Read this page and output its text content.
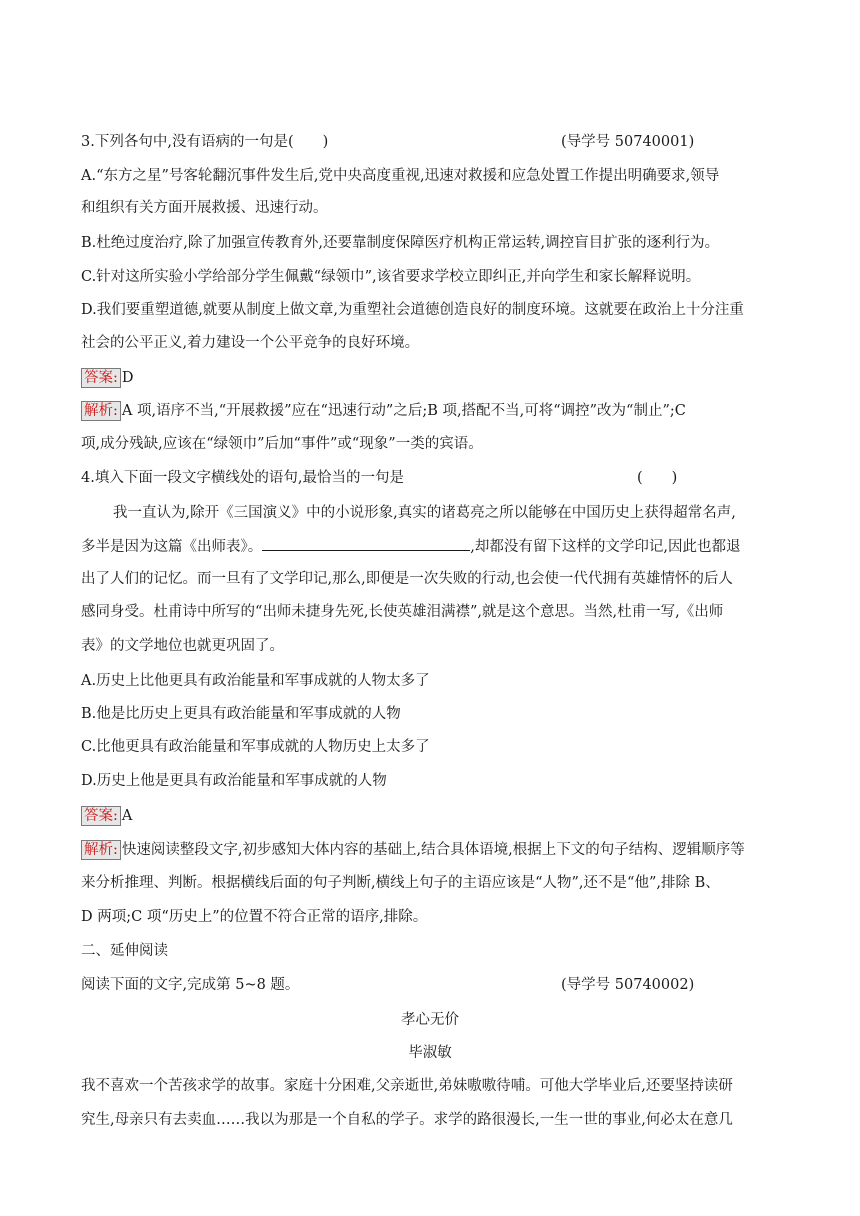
3.下列各句中,没有语病的一句是(　　)	(导学号 50740001)
A.“东方之星”号客轮翻沉事件发生后,党中央高度重视,迅速对救援和应急处置工作提出明确要求,领导
和组织有关方面开展救援、迅速行动。
B.杜绝过度治疗,除了加强宣传教育外,还要靠制度保障医疗机构正常运转,调控盲目扩张的逐利行为。
C.针对这所实验小学给部分学生佩戴“绿领巾”,该省要求学校立即纠正,并向学生和家长解释说明。
D.我们要重塑道德,就要从制度上做文章,为重塑社会道德创造良好的制度环境。这就要在政治上十分注重
社会的公平正义,着力建设一个公平竞争的良好环境。
答案: D
解析: A 项,语序不当,“开展救援”应在“迅速行动”之后;B 项,搭配不当,可将“调控”改为“制止”;C
项,成分残缺,应该在“绿领巾”后加“事件”或“现象”一类的宾语。
4.填入下面一段文字横线处的语句,最恰当的一句是	(　　)
我一直认为,除开《三国演义》中的小说形象,真实的诸葛亮之所以能够在中国历史上获得超常名声,
多半是因为这篇《出师表》。	,却都没有留下这样的文学印记,因此也都退
出了人们的记忆。而一旦有了文学印记,那么,即便是一次失败的行动,也会使一代代拥有英雄情怀的后人
感同身受。杜甫诗中所写的“出师未捷身先死,长使英雄泪满襟”,就是这个意思。当然,杜甫一写,《出师
表》的文学地位也就更巩固了。
A.历史上比他更具有政治能量和军事成就的人物太多了
B.他是比历史上更具有政治能量和军事成就的人物
C.比他更具有政治能量和军事成就的人物历史上太多了
D.历史上他是更具有政治能量和军事成就的人物
答案: A
解析: 快速阅读整段文字,初步感知大体内容的基础上,结合具体语境,根据上下文的句子结构、逻辑顺序等
来分析推理、判断。根据横线后面的句子判断,横线上句子的主语应该是“人物”,还不是“他”,排除 B、
D 两项;C 项“历史上”的位置不符合正常的语序,排除。
二、延伸阅读
阅读下面的文字,完成第 5~8 题。	(导学号 50740002)
孝心无价
毕淑敏
我不喜欢一个苦孩求学的故事。家庭十分困难,父亲逝世,弟妹嗷嗷待哺。可他大学毕业后,还要坚持读研
究生,母亲只有去卖血……我以为那是一个自私的学子。求学的路很漫长,一生一世的事业,何必太在意几
